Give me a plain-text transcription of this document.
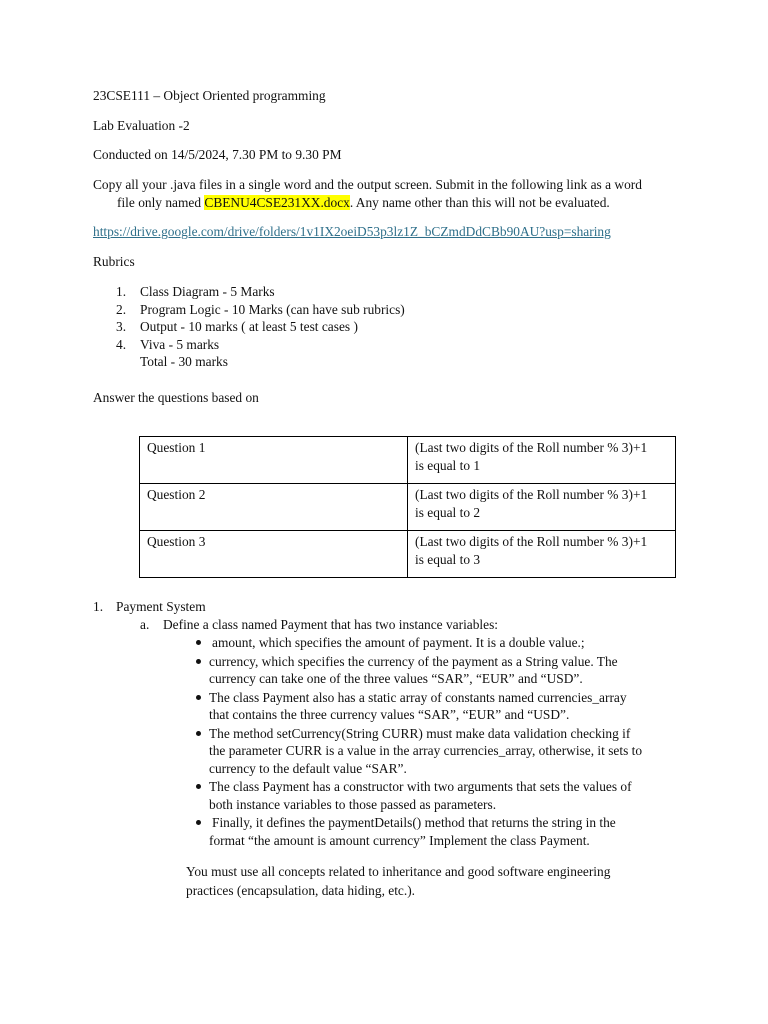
23CSE111 – Object Oriented programming

Lab Evaluation -2

Conducted on 14/5/2024, 7.30 PM to 9.30 PM

Copy all your .java files in a single word and the output screen. Submit in the following link as a word

file only named CBENU4CSE231XX.docx. Any name other than this will not be evaluated.

https://drive.google.com/drive/folders/1v1IX2oeiD53p3lz1Z_bCZmdDdCBb90AU?usp=sharing

Rubrics

1. Class Diagram - 5 Marks
2. Program Logic - 10 Marks (can have sub rubrics)
3. Output - 10 marks ( at least 5 test cases )
4. Viva - 5 marks

Total - 30 marks

Answer the questions based on

Question 1	(Last two digits of the Roll number % 3)+1
is equal to 1
Question 2	(Last two digits of the Roll number % 3)+1
is equal to 2
Question 3	(Last two digits of the Roll number % 3)+1
is equal to 3

1. Payment System

a. Define a class named Payment that has two instance variables:

amount, which specifies the amount of payment. It is a double value.;
currency, which specifies the currency of the payment as a String value. The
currency can take one of the three values “SAR”, “EUR” and “USD”.
The class Payment also has a static array of constants named currencies_array
that contains the three currency values “SAR”, “EUR” and “USD”.
The method setCurrency(String CURR) must make data validation checking if
the parameter CURR is a value in the array currencies_array, otherwise, it sets to
currency to the default value “SAR”.
The class Payment has a constructor with two arguments that sets the values of
both instance variables to those passed as parameters.
Finally, it defines the paymentDetails() method that returns the string in the
format “the amount is amount currency” Implement the class Payment.

You must use all concepts related to inheritance and good software engineering

practices (encapsulation, data hiding, etc.).
